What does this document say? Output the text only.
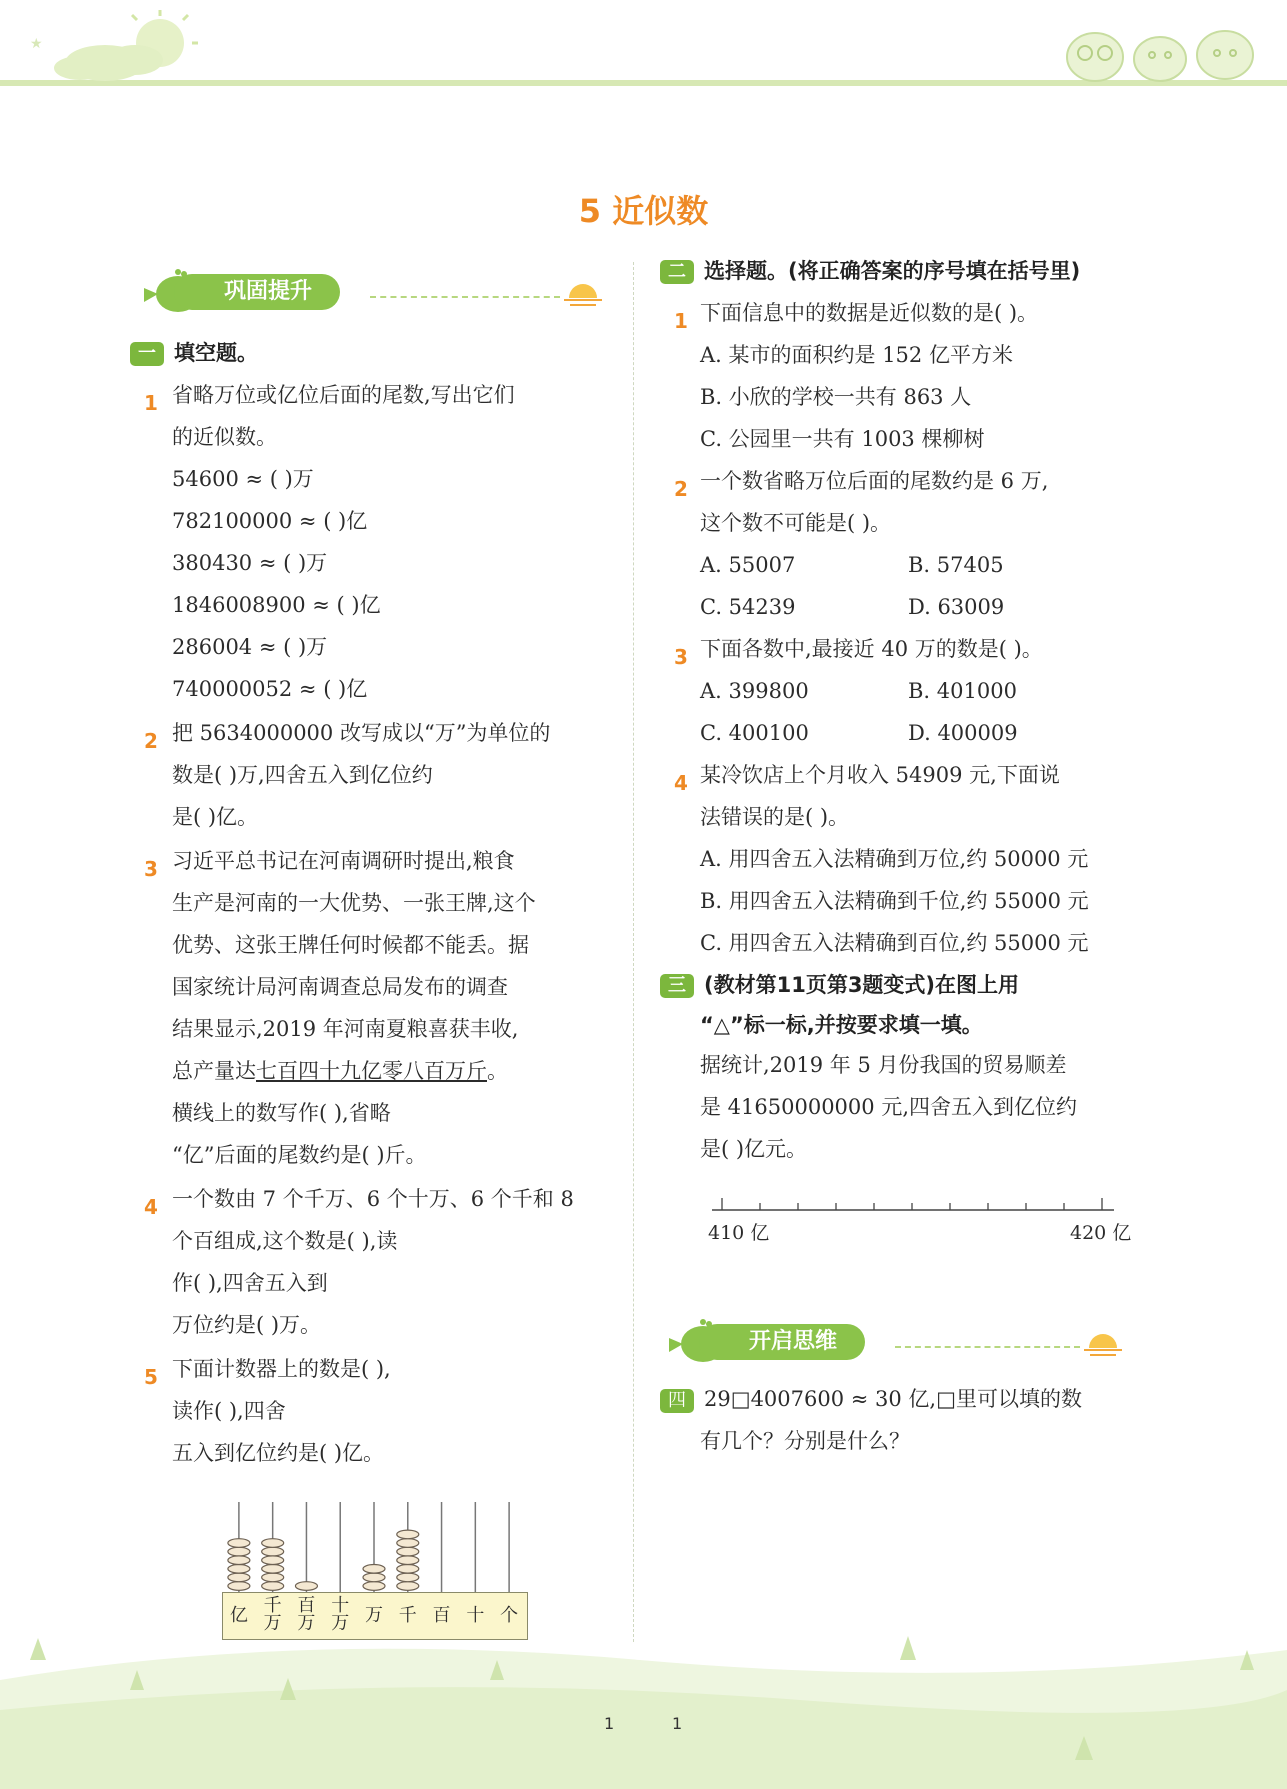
★
5 近似数
巩固提升
一 填空题。
1 省略万位或亿位后面的尾数,写出它们
的近似数。
54600 ≈ ( )万
782100000 ≈ ( )亿
380430 ≈ ( )万
1846008900 ≈ ( )亿
286004 ≈ ( )万
740000052 ≈ ( )亿
2 把 5634000000 改写成以“万”为单位的
数是( )万,四舍五入到亿位约
是( )亿。
3 习近平总书记在河南调研时提出,粮食
生产是河南的一大优势、一张王牌,这个
优势、这张王牌任何时候都不能丢。据
国家统计局河南调查总局发布的调查
结果显示,2019 年河南夏粮喜获丰收,
总产量达七百四十九亿零八百万斤。
横线上的数写作( ),省略
“亿”后面的尾数约是( )斤。
4 一个数由 7 个千万、6 个十万、6 个千和 8
个百组成,这个数是( ),读
作( ),四舍五入到
万位约是( )万。
5 下面计数器上的数是( ),
读作( ),四舍
五入到亿位约是( )亿。
亿 千
万
百
万
十
万 万 千 百 十 个
二 选择题。(将正确答案的序号填在括号里)
1 下面信息中的数据是近似数的是( )。
A. 某市的面积约是 152 亿平方米
B. 小欣的学校一共有 863 人
C. 公园里一共有 1003 棵柳树
2 一个数省略万位后面的尾数约是 6 万,
这个数不可能是( )。
A. 55007	B. 57405
C. 54239	D. 63009
3 下面各数中,最接近 40 万的数是( )。
A. 399800	B. 401000
C. 400100	D. 400009
4 某冷饮店上个月收入 54909 元,下面说
法错误的是( )。
A. 用四舍五入法精确到万位,约 50000 元
B. 用四舍五入法精确到千位,约 55000 元
C. 用四舍五入法精确到百位,约 55000 元
三 (教材第11页第3题变式)在图上用
“△”标一标,并按要求填一填。
据统计,2019 年 5 月份我国的贸易顺差
是 41650000000 元,四舍五入到亿位约
是( )亿元。
410 亿	420 亿
开启思维
四 29□4007600 ≈ 30 亿,□里可以填的数
有几个？分别是什么？
1	1
